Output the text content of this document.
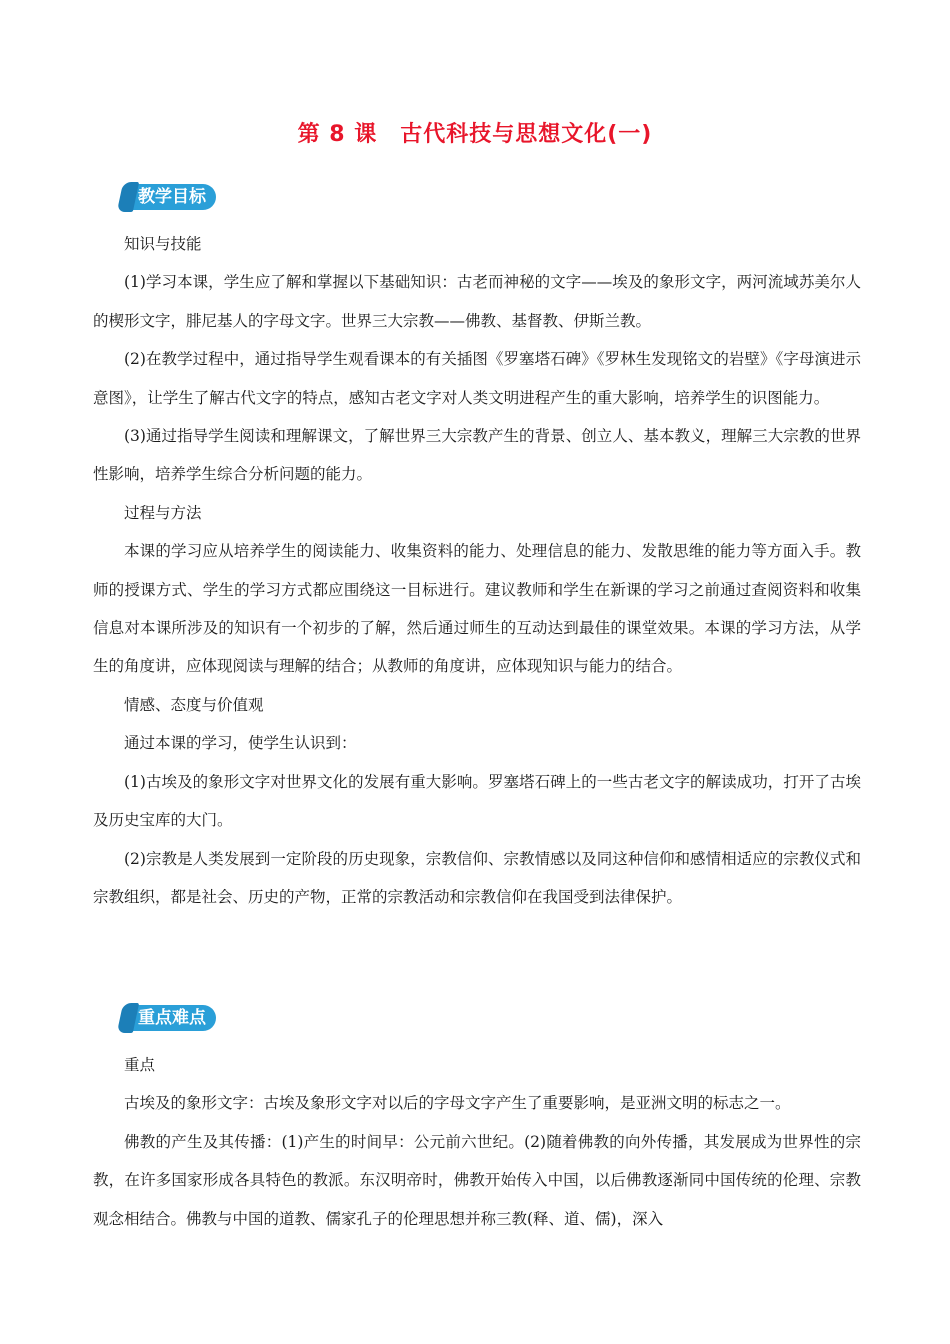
第 8 课　古代科技与思想文化(一)
教学目标

知识与技能

(1)学习本课，学生应了解和掌握以下基础知识：古老而神秘的文字——埃及的象形文字，两河流域苏美尔人的楔形文字，腓尼基人的字母文字。世界三大宗教——佛教、基督教、伊斯兰教。

(2)在教学过程中，通过指导学生观看课本的有关插图《罗塞塔石碑》《罗林生发现铭文的岩壁》《字母演进示意图》，让学生了解古代文字的特点，感知古老文字对人类文明进程产生的重大影响，培养学生的识图能力。

(3)通过指导学生阅读和理解课文，了解世界三大宗教产生的背景、创立人、基本教义，理解三大宗教的世界性影响，培养学生综合分析问题的能力。

过程与方法

本课的学习应从培养学生的阅读能力、收集资料的能力、处理信息的能力、发散思维的能力等方面入手。教师的授课方式、学生的学习方式都应围绕这一目标进行。建议教师和学生在新课的学习之前通过查阅资料和收集信息对本课所涉及的知识有一个初步的了解，然后通过师生的互动达到最佳的课堂效果。本课的学习方法，从学生的角度讲，应体现阅读与理解的结合；从教师的角度讲，应体现知识与能力的结合。

情感、态度与价值观

通过本课的学习，使学生认识到：

(1)古埃及的象形文字对世界文化的发展有重大影响。罗塞塔石碑上的一些古老文字的解读成功，打开了古埃及历史宝库的大门。

(2)宗教是人类发展到一定阶段的历史现象，宗教信仰、宗教情感以及同这种信仰和感情相适应的宗教仪式和宗教组织，都是社会、历史的产物，正常的宗教活动和宗教信仰在我国受到法律保护。

重点难点

重点

古埃及的象形文字：古埃及象形文字对以后的字母文字产生了重要影响，是亚洲文明的标志之一。

佛教的产生及其传播：(1)产生的时间早：公元前六世纪。(2)随着佛教的向外传播，其发展成为世界性的宗教，在许多国家形成各具特色的教派。东汉明帝时，佛教开始传入中国，以后佛教逐渐同中国传统的伦理、宗教观念相结合。佛教与中国的道教、儒家孔子的伦理思想并称三教(释、道、儒)，深入
